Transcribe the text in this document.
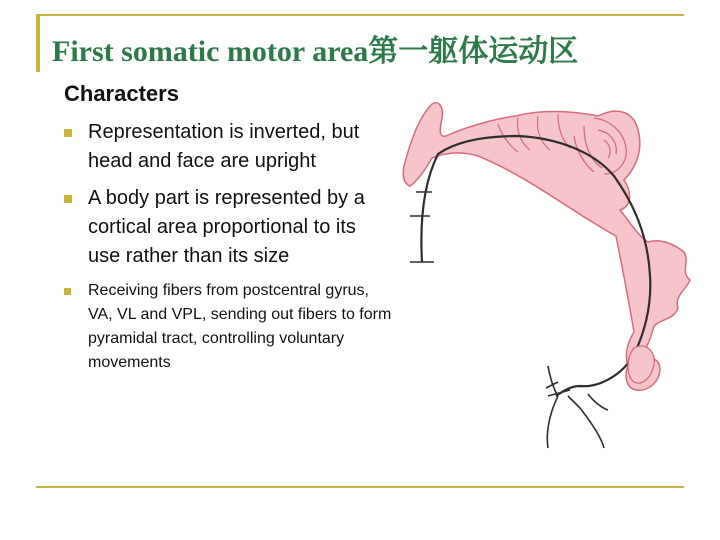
First somatic motor area第一躯体运动区
Characters
Representation is inverted, but head and face are upright
A body part is represented by a cortical area proportional to its use rather than its size
Receiving fibers from postcentral gyrus, VA, VL and VPL, sending out fibers to form pyramidal tract, controlling voluntary movements
